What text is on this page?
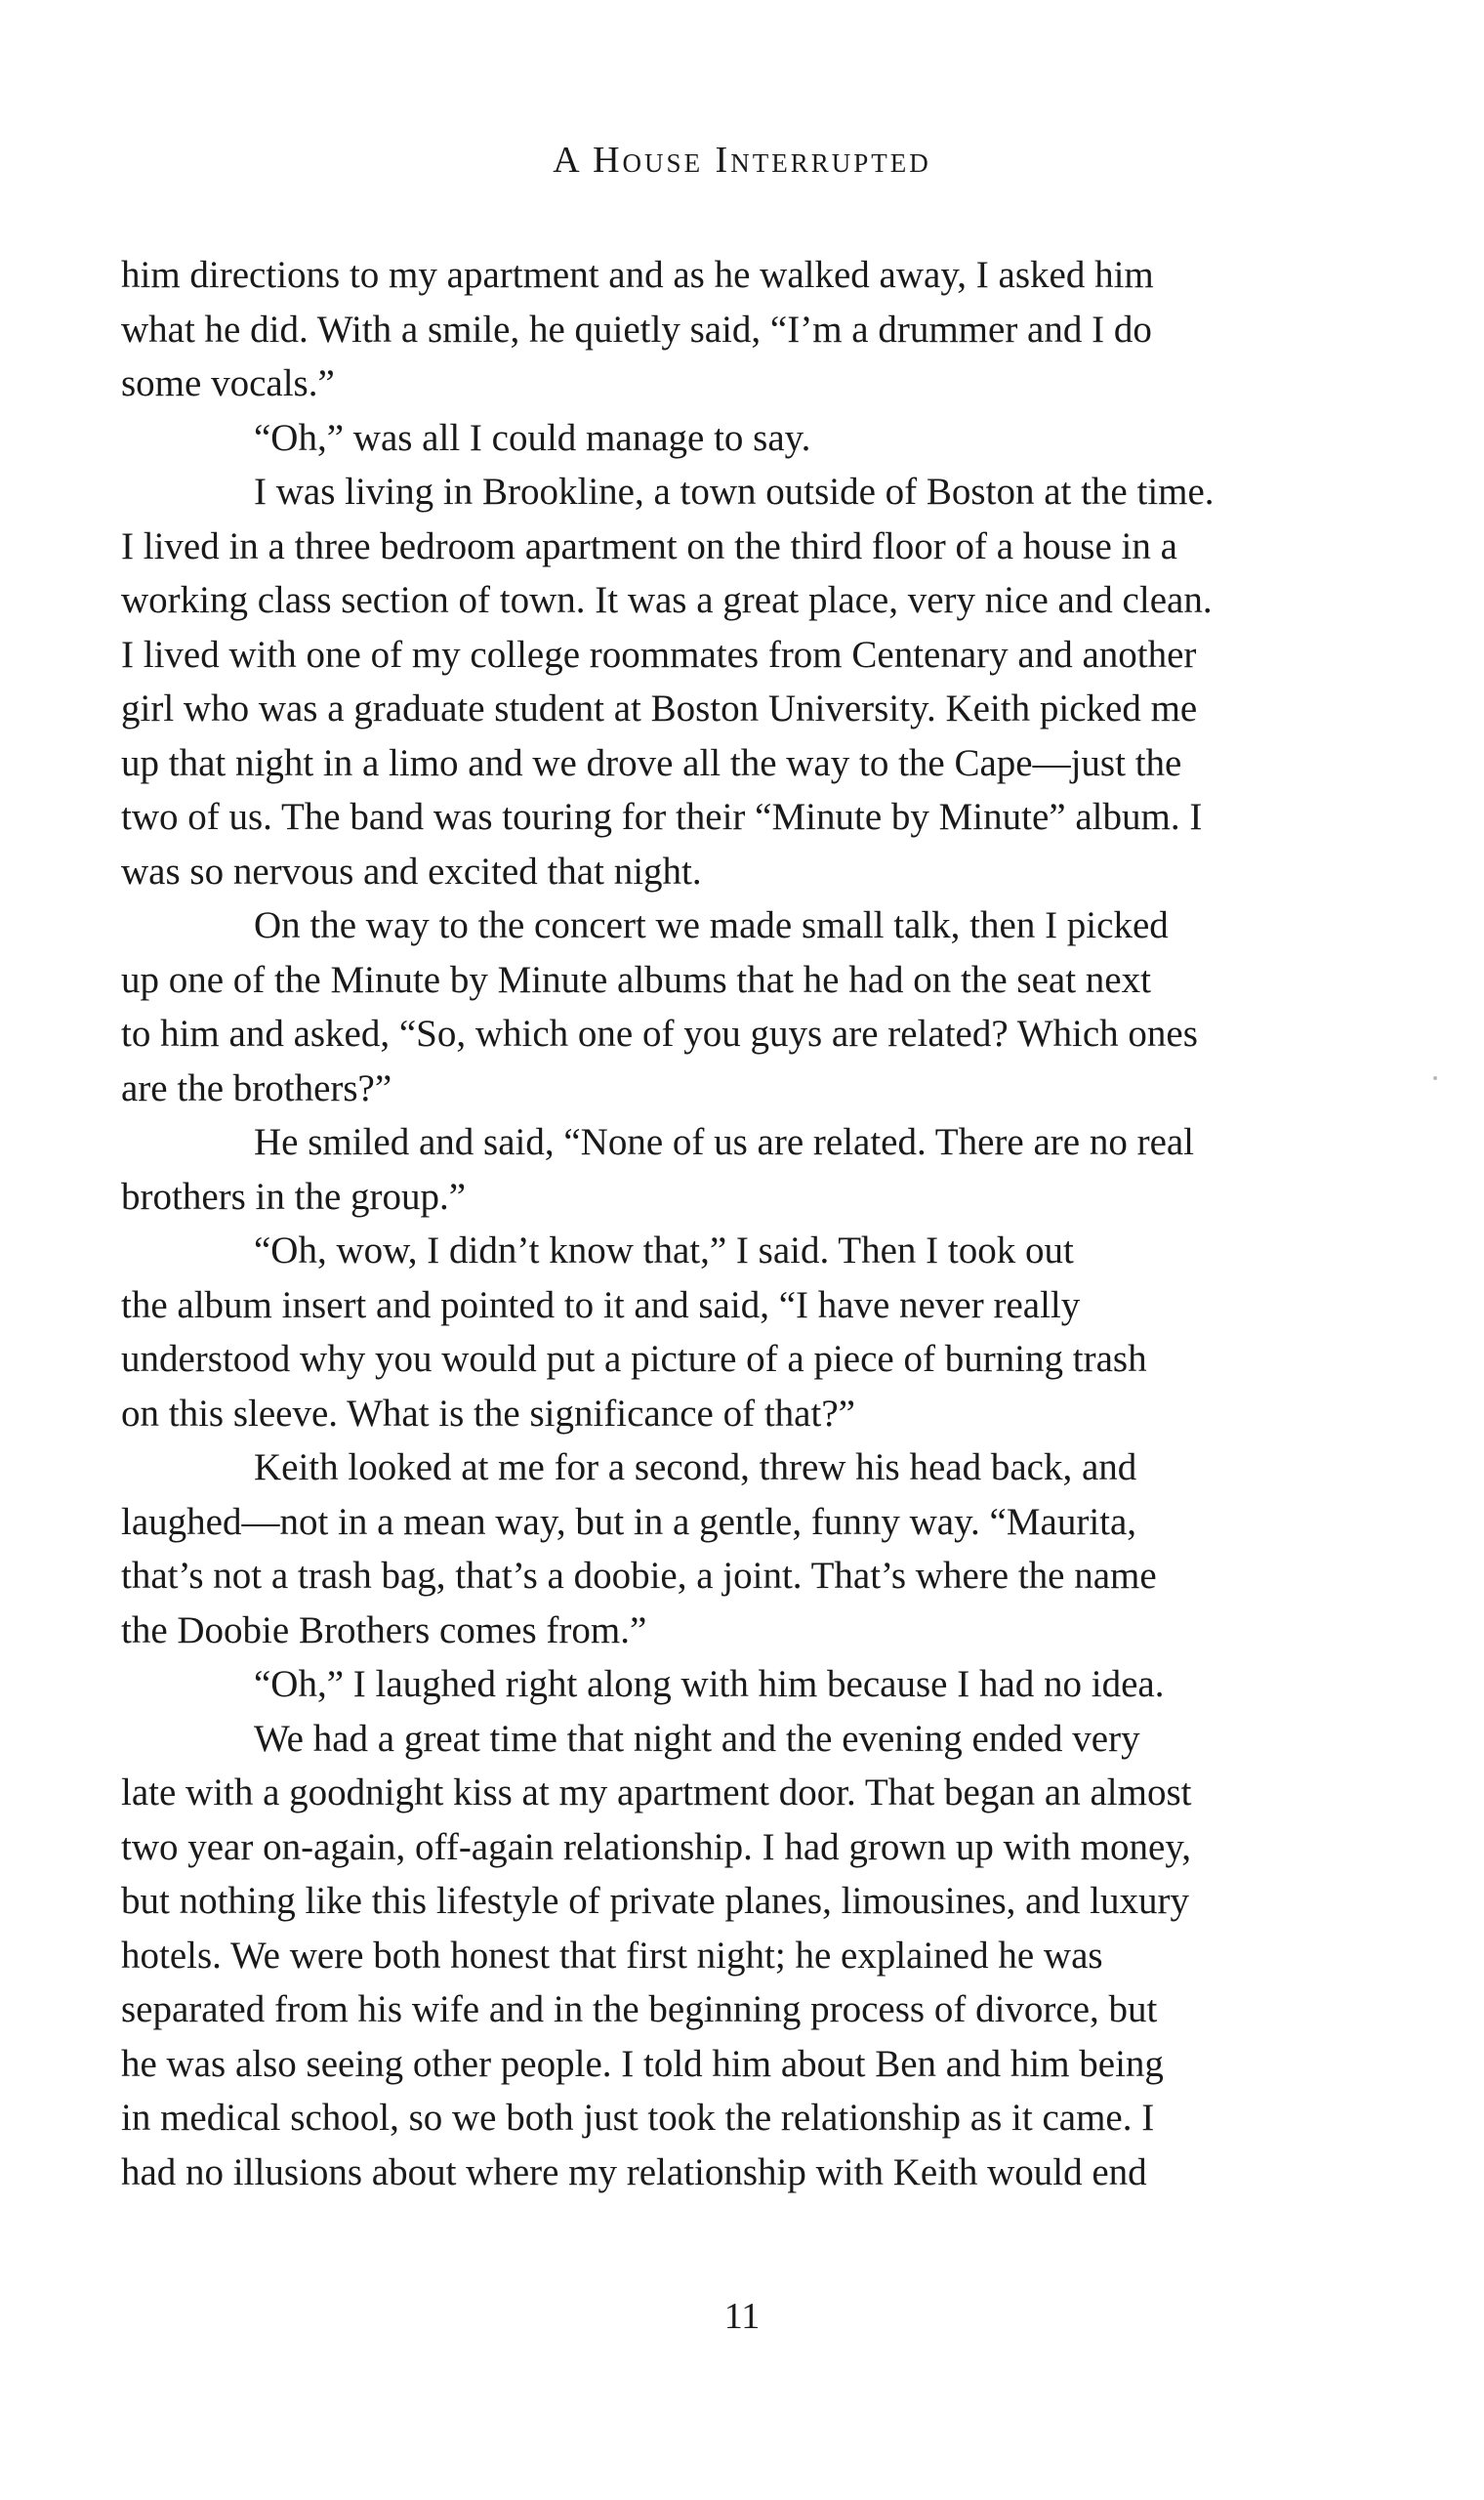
A House Interrupted
him directions to my apartment and as he walked away, I asked him
what he did. With a smile, he quietly said, “I’m a drummer and I do
some vocals.”
“Oh,” was all I could manage to say.
I was living in Brookline, a town outside of Boston at the time.
I lived in a three bedroom apartment on the third floor of a house in a
working class section of town. It was a great place, very nice and clean.
I lived with one of my college roommates from Centenary and another
girl who was a graduate student at Boston University. Keith picked me
up that night in a limo and we drove all the way to the Cape—just the
two of us. The band was touring for their “Minute by Minute” album. I
was so nervous and excited that night.
On the way to the concert we made small talk, then I picked
up one of the Minute by Minute albums that he had on the seat next
to him and asked, “So, which one of you guys are related? Which ones
are the brothers?”
He smiled and said, “None of us are related. There are no real
brothers in the group.”
“Oh, wow, I didn’t know that,” I said. Then I took out
the album insert and pointed to it and said, “I have never really
understood why you would put a picture of a piece of burning trash
on this sleeve. What is the significance of that?”
Keith looked at me for a second, threw his head back, and
laughed—not in a mean way, but in a gentle, funny way. “Maurita,
that’s not a trash bag, that’s a doobie, a joint. That’s where the name
the Doobie Brothers comes from.”
“Oh,” I laughed right along with him because I had no idea.
We had a great time that night and the evening ended very
late with a goodnight kiss at my apartment door. That began an almost
two year on-again, off-again relationship. I had grown up with money,
but nothing like this lifestyle of private planes, limousines, and luxury
hotels. We were both honest that first night; he explained he was
separated from his wife and in the beginning process of divorce, but
he was also seeing other people. I told him about Ben and him being
in medical school, so we both just took the relationship as it came. I
had no illusions about where my relationship with Keith would end
11
